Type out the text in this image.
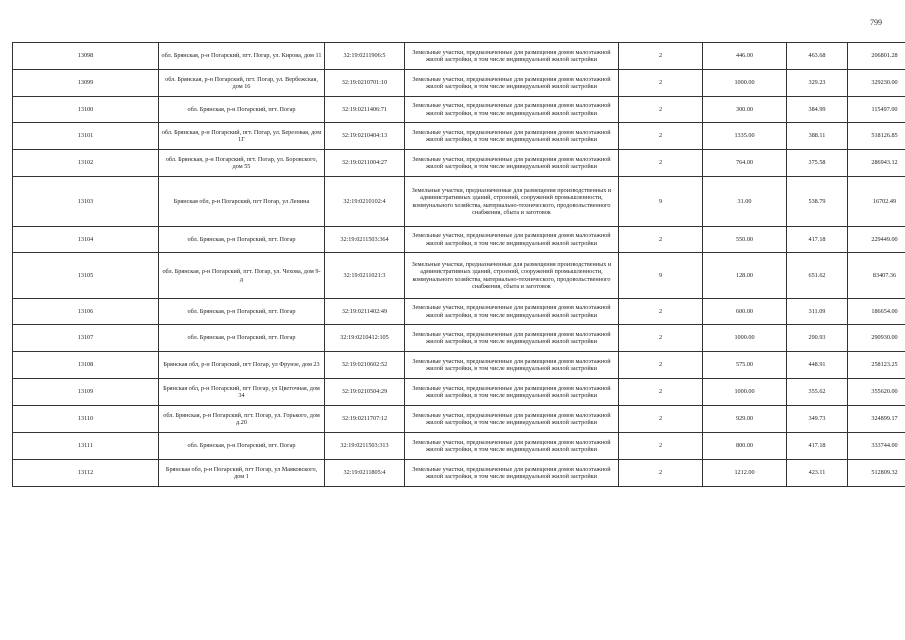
799
13098	обл. Брянская, р-н Погарский, пгт. Погар, ул. Кирова, дом 11	32:19:0211906:5	Земельные участки, предназначенные для размещения домов малоэтажной жилой застройки, в том числе индивидуальной жилой застройки	2	446.00	463.68	206801.28
13099	обл. Брянская, р-н Погарский, пгт. Погар, ул. Вербежская, дом 16	32:19:0210701:10	Земельные участки, предназначенные для размещения домов малоэтажной жилой застройки, в том числе индивидуальной жилой застройки	2	1000.00	329.23	329230.00
13100	обл. Брянская, р-н Погарский, пгт. Погар	32:19:0211406:71	Земельные участки, предназначенные для размещения домов малоэтажной жилой застройки, в том числе индивидуальной жилой застройки	2	300.00	384.99	115497.00
13101	обл. Брянская, р-н Погарский, пгт. Погар, ул. Березовая, дом 1Г	32:19:0210404:13	Земельные участки, предназначенные для размещения домов малоэтажной жилой застройки, в том числе индивидуальной жилой застройки	2	1335.00	388.11	518126.85
13102	обл. Брянская, р-н Погарский, пгт. Погар, ул. Боровского, дом 55	32:19:0211004:27	Земельные участки, предназначенные для размещения домов малоэтажной жилой застройки, в том числе индивидуальной жилой застройки	2	764.00	375.58	286943.12
13103	Брянская обл, р-н Погарский, пгт Погар, ул Ленина	32:19:0210102:4	Земельные участки, предназначенные для размещения производственных и административных зданий, строений, сооружений промышленности, коммунального хозяйства, материально-технического, продовольственного снабжения, сбыта и заготовок	9	31.00	538.79	16702.49
13104	обл. Брянская, р-н Погарский, пгт. Погар	32:19:0211503:364	Земельные участки, предназначенные для размещения домов малоэтажной жилой застройки, в том числе индивидуальной жилой застройки	2	550.00	417.18	229449.00
13105	обл. Брянская, р-н Погарский, пгт. Погар, ул. Чехова, дом 9-д	32:19:0211021:3	Земельные участки, предназначенные для размещения производственных и административных зданий, строений, сооружений промышленности, коммунального хозяйства, материально-технического, продовольственного снабжения, сбыта и заготовок	9	128.00	651.62	83407.36
13106	обл. Брянская, р-н Погарский, пгт. Погар	32:19:0211402:49	Земельные участки, предназначенные для размещения домов малоэтажной жилой застройки, в том числе индивидуальной жилой застройки	2	600.00	311.09	186654.00
13107	обл. Брянская, р-н Погарский, пгт. Погар	32:19:0210412:105	Земельные участки, предназначенные для размещения домов малоэтажной жилой застройки, в том числе индивидуальной жилой застройки	2	1000.00	290.93	290930.00
13108	Брянская обл, р-н Погарский, пгт Погар, ул Фрунзе, дом 23	32:19:0210602:52	Земельные участки, предназначенные для размещения домов малоэтажной жилой застройки, в том числе индивидуальной жилой застройки	2	575.00	448.91	258123.25
13109	Брянская обл, р-н Погарский, пгт Погар, ул Цветочная, дом 34	32:19:0210504:29	Земельные участки, предназначенные для размещения домов малоэтажной жилой застройки, в том числе индивидуальной жилой застройки	2	1000.00	355.62	355620.00
13110	обл. Брянская, р-н Погарский, пгт. Погар, ул. Горького, дом д.20	32:19:0211707:12	Земельные участки, предназначенные для размещения домов малоэтажной жилой застройки, в том числе индивидуальной жилой застройки	2	929.00	349.73	324899.17
13111	обл. Брянская, р-н Погарский, пгт. Погар	32:19:0211503:313	Земельные участки, предназначенные для размещения домов малоэтажной жилой застройки, в том числе индивидуальной жилой застройки	2	800.00	417.18	333744.00
13112	Брянская обл, р-н Погарский, пгт Погар, ул Маяковского, дом 1	32:19:0211805:4	Земельные участки, предназначенные для размещения домов малоэтажной жилой застройки, в том числе индивидуальной жилой застройки	2	1212.00	423.11	512809.32
